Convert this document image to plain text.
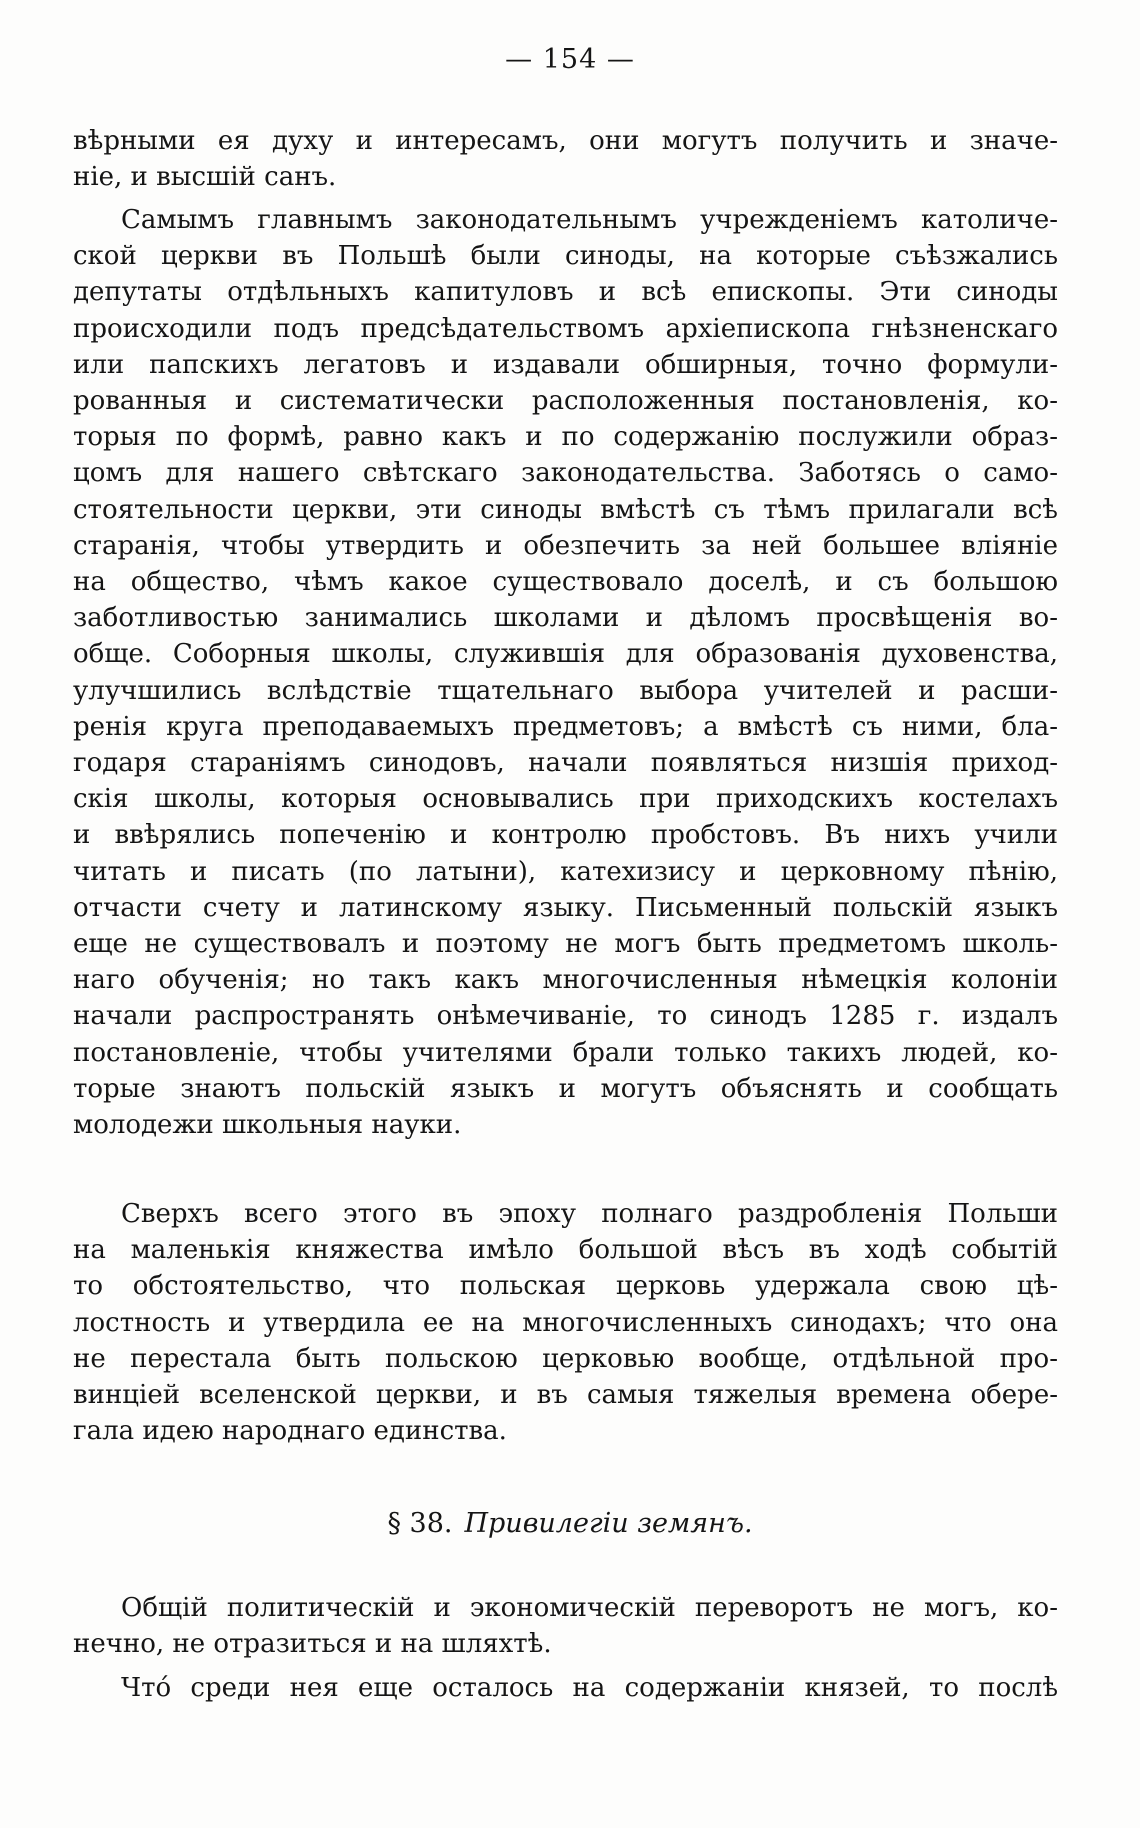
— 154 —
вѣрными ея духу и интересамъ, они могутъ получить и значе-
нiе, и высшiй санъ.
Самымъ главнымъ законодательнымъ учрежденiемъ католиче-
ской церкви въ Польшѣ были синоды, на которые съѣзжались
депутаты отдѣльныхъ капитуловъ и всѣ епископы. Эти синоды
происходили подъ предсѣдательствомъ архiепископа гнѣзненскаго
или папскихъ легатовъ и издавали обширныя, точно формули-
рованныя и систематически расположенныя постановленiя, ко-
торыя по формѣ, равно какъ и по содержанiю послужили образ-
цомъ для нашего свѣтскаго законодательства. Заботясь о само-
стоятельности церкви, эти синоды вмѣстѣ съ тѣмъ прилагали всѣ
старанiя, чтобы утвердить и обезпечить за ней большее влiянiе
на общество, чѣмъ какое существовало доселѣ, и съ большою
заботливостью занимались школами и дѣломъ просвѣщенiя во-
обще. Соборныя школы, служившiя для образованiя духовенства,
улучшились вслѣдствiе тщательнаго выбора учителей и расши-
ренiя круга преподаваемыхъ предметовъ; а вмѣстѣ съ ними, бла-
годаря старанiямъ синодовъ, начали появляться низшiя приход-
скiя школы, которыя основывались при приходскихъ костелахъ
и ввѣрялись попеченiю и контролю пробстовъ. Въ нихъ учили
читать и писать (по латыни), катехизису и церковному пѣнiю,
отчасти счету и латинскому языку. Письменный польскiй языкъ
еще не существовалъ и поэтому не могъ быть предметомъ школь-
наго обученiя; но такъ какъ многочисленныя нѣмецкiя колонiи
начали распространять онѣмечиванiе, то синодъ 1285 г. издалъ
постановленiе, чтобы учителями брали только такихъ людей, ко-
торые знаютъ польскiй языкъ и могутъ объяснять и сообщать
молодежи школьныя науки.
Сверхъ всего этого въ эпоху полнаго раздробленiя Польши
на маленькiя княжества имѣло большой вѣсъ въ ходѣ событiй
то обстоятельство, что польская церковь удержала свою цѣ-
лостность и утвердила ее на многочисленныхъ синодахъ; что она
не перестала быть польскою церковью вообще, отдѣльной про-
винцiей вселенской церкви, и въ самыя тяжелыя времена обере-
гала идею народнаго единства.
§ 38. Привилегiи земянъ.
Общiй политическiй и экономическiй переворотъ не могъ, ко-
нечно, не отразиться и на шляхтѣ.
Чтó среди нея еще осталось на содержанiи князей, то послѣ
